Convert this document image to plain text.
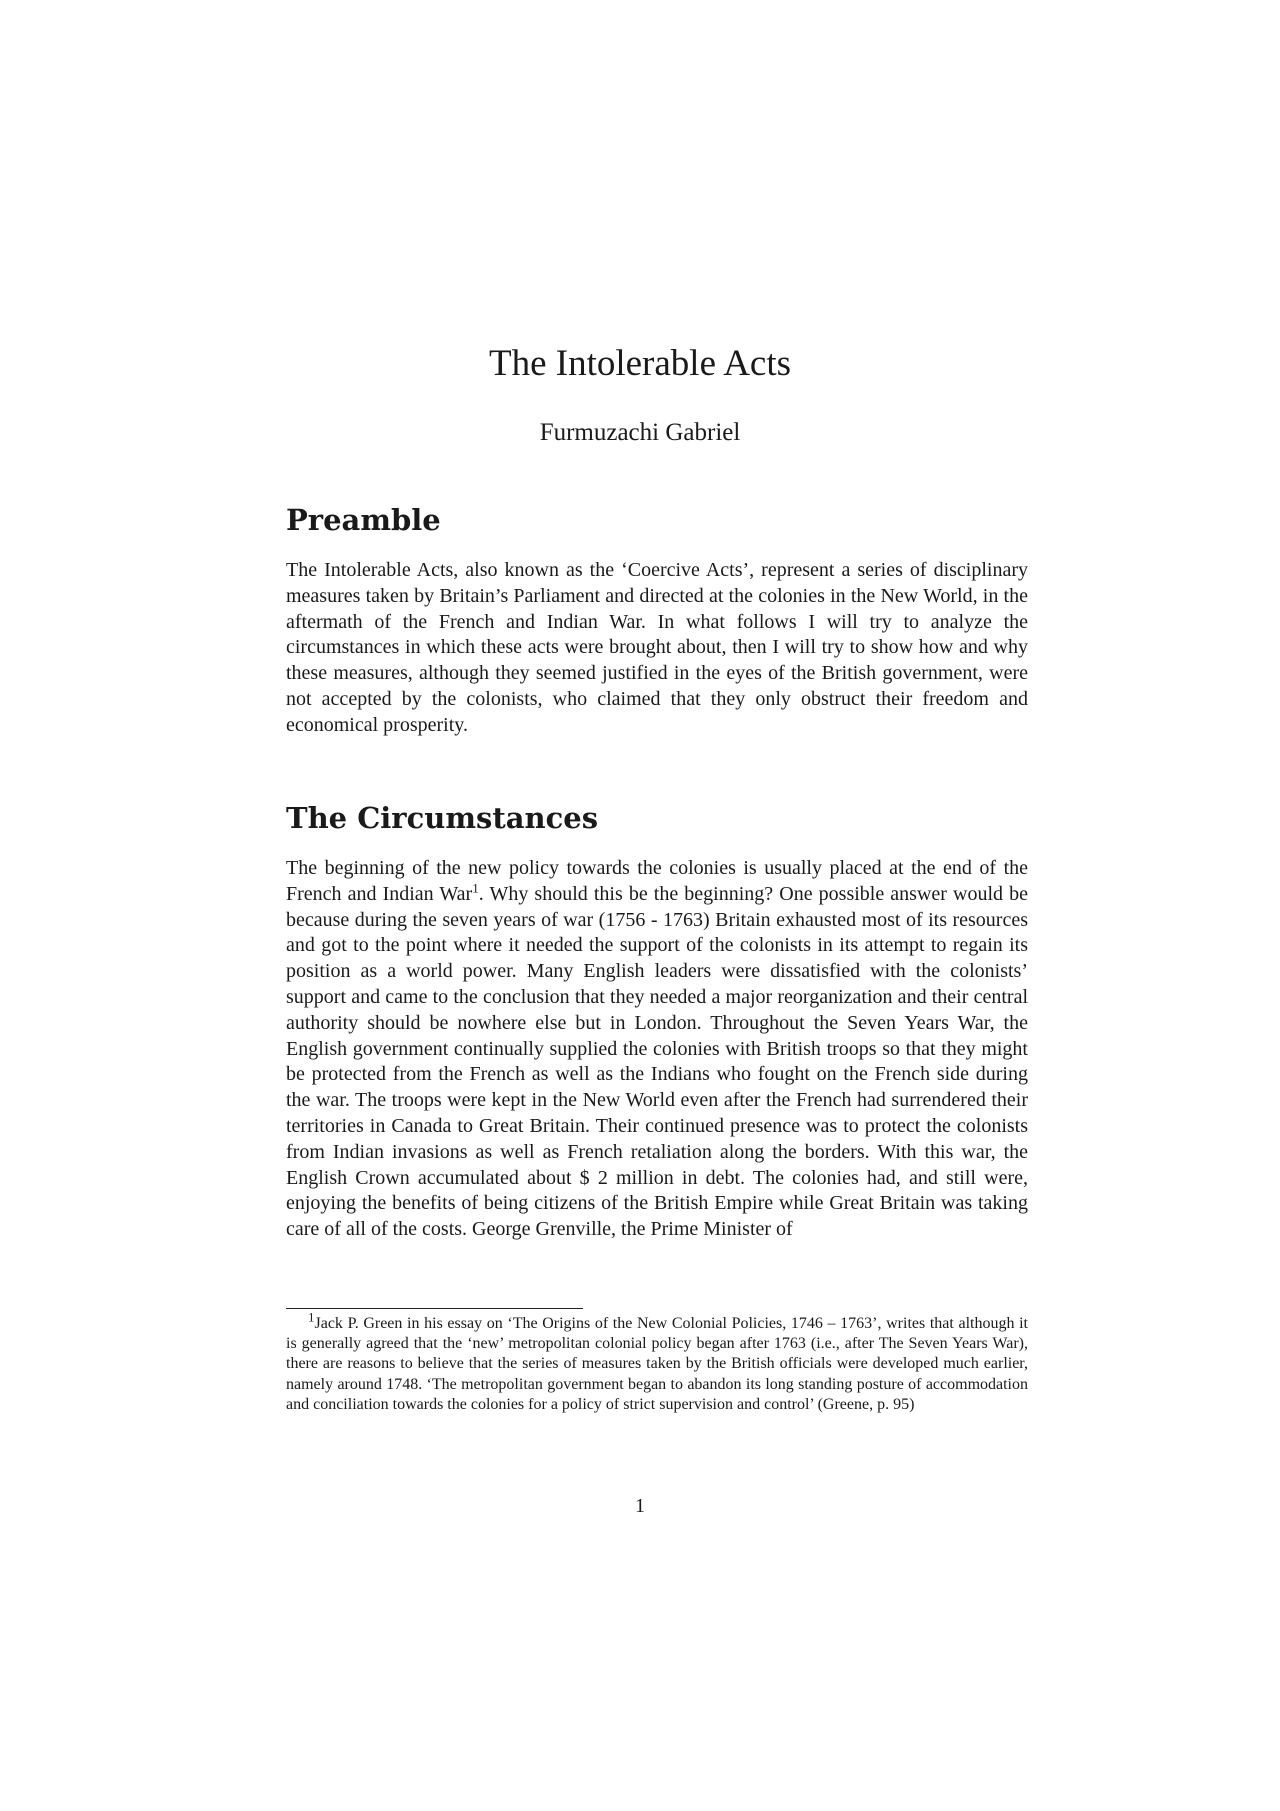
The Intolerable Acts
Furmuzachi Gabriel
Preamble

The Intolerable Acts, also known as the ‘Coercive Acts’, represent a series of disciplinary measures taken by Britain’s Parliament and directed at the colonies in the New World, in the aftermath of the French and Indian War. In what follows I will try to analyze the circumstances in which these acts were brought about, then I will try to show how and why these measures, although they seemed justified in the eyes of the British government, were not accepted by the colonists, who claimed that they only obstruct their freedom and economical prosperity.

The Circumstances

The beginning of the new policy towards the colonies is usually placed at the end of the French and Indian War$^1$. Why should this be the beginning? One possible answer would be because during the seven years of war (1756 - 1763) Britain exhausted most of its resources and got to the point where it needed the support of the colonists in its attempt to regain its position as a world power. Many English leaders were dissatisfied with the colonists’ support and came to the conclusion that they needed a major reorganization and their central authority should be nowhere else but in London. Throughout the Seven Years War, the English government continually supplied the colonies with British troops so that they might be protected from the French as well as the Indians who fought on the French side during the war. The troops were kept in the New World even after the French had surrendered their territories in Canada to Great Britain. Their continued presence was to protect the colonists from Indian invasions as well as French retaliation along the borders. With this war, the English Crown accumulated about $ 2 million in debt. The colonies had, and still were, enjoying the benefits of being citizens of the British Empire while Great Britain was taking care of all of the costs. George Grenville, the Prime Minister of

$^1$Jack P. Green in his essay on ‘The Origins of the New Colonial Policies, 1746 – 1763’, writes that although it is generally agreed that the ‘new’ metropolitan colonial policy began after 1763 (i.e., after The Seven Years War), there are reasons to believe that the series of measures taken by the British officials were developed much earlier, namely around 1748. ‘The metropolitan government began to abandon its long standing posture of accommodation and conciliation towards the colonies for a policy of strict supervision and control’ (Greene, p. 95)

1
